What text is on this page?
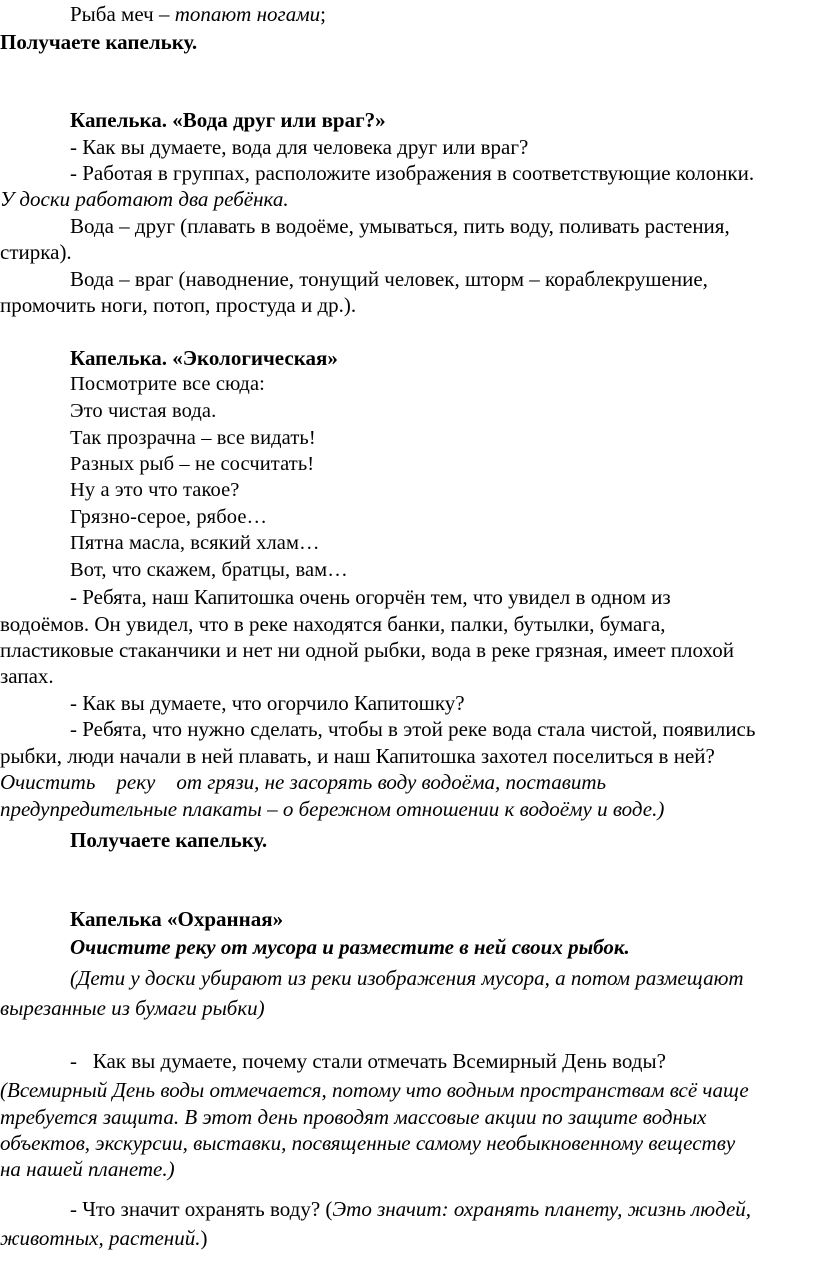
Рыба меч – топают ногами;
Получаете капельку.
Капелька. «Вода друг или враг?»
- Как вы думаете, вода для человека друг или враг?
- Работая в группах, расположите изображения в соответствующие колонки.
У доски работают два ребёнка.
Вода – друг (плавать в водоёме, умываться, пить воду, поливать растения,
стирка).
Вода – враг (наводнение, тонущий человек, шторм – кораблекрушение,
промочить ноги, потоп, простуда и др.).
Капелька. «Экологическая»
Посмотрите все сюда:
Это чистая вода.
Так прозрачна – все видать!
Разных рыб – не сосчитать!
Ну а это что такое?
Грязно-серое, рябое…
Пятна масла, всякий хлам…
Вот, что скажем, братцы, вам…
- Ребята, наш Капитошка очень огорчён тем, что увидел в одном из
водоёмов. Он увидел, что в реке находятся банки, палки, бутылки, бумага,
пластиковые стаканчики и нет ни одной рыбки, вода в реке грязная, имеет плохой
запах.
- Как вы думаете, что огорчило Капитошку?
- Ребята, что нужно сделать, чтобы в этой реке вода стала чистой, появились
рыбки, люди начали в ней плавать, и наш Капитошка захотел поселиться в ней?
Очистить    реку    от грязи, не засорять воду водоёма, поставить
предупредительные плакаты – о бережном отношении к водоёму и воде.)
Получаете капельку.
Капелька «Охранная»
Очистите реку от мусора и разместите в ней своих рыбок.
(Дети у доски убирают из реки изображения мусора, а потом размещают
вырезанные из бумаги рыбки)
-   Как вы думаете, почему стали отмечать Всемирный День воды?
(Всемирный День воды отмечается, потому что водным пространствам всё чаще
требуется защита. В этот день проводят массовые акции по защите водных
объектов, экскурсии, выставки, посвященные самому необыкновенному веществу
на нашей планете.)
- Что значит охранять воду? (Это значит: охранять планету, жизнь людей,
животных, растений.)
